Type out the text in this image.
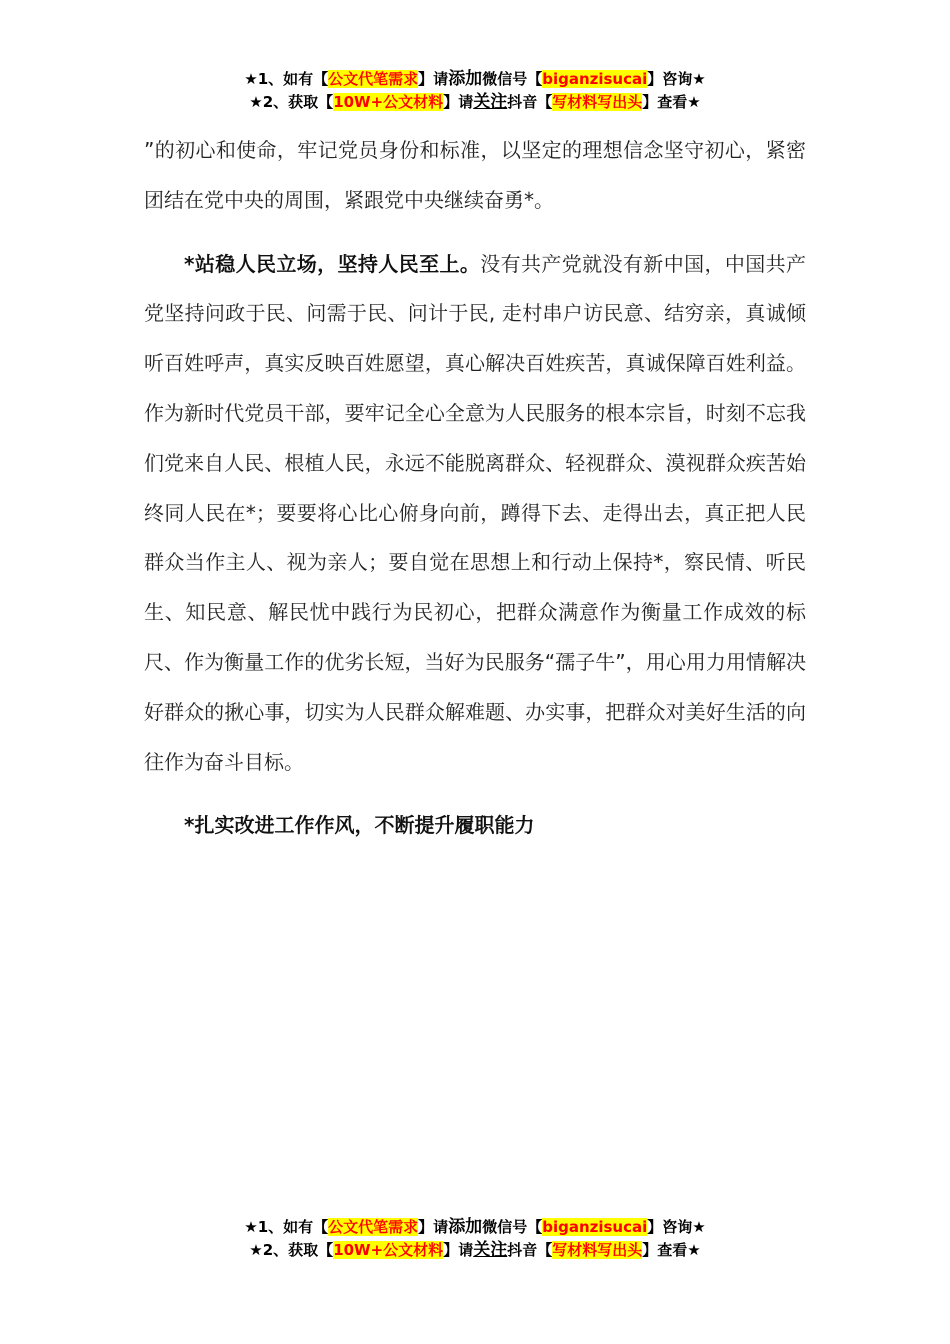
★1、如有【公文代笔需求】请添加微信号【biganzisucai】咨询★
★2、获取【10W+公文材料】请关注抖音【写材料写出头】查看★

”的初心和使命，牢记党员身份和标准，以坚定的理想信念坚守初心，紧密团结在党中央的周围，紧跟党中央继续奋勇*。

*站稳人民立场，坚持人民至上。没有共产党就没有新中国，中国共产党坚持问政于民、问需于民、问计于民, 走村串户访民意、结穷亲，真诚倾听百姓呼声，真实反映百姓愿望，真心解决百姓疾苦，真诚保障百姓利益。作为新时代党员干部，要牢记全心全意为人民服务的根本宗旨，时刻不忘我们党来自人民、根植人民，永远不能脱离群众、轻视群众、漠视群众疾苦始终同人民在*；要要将心比心俯身向前，蹲得下去、走得出去，真正把人民群众当作主人、视为亲人；要自觉在思想上和行动上保持*，察民情、听民生、知民意、解民忧中践行为民初心，把群众满意作为衡量工作成效的标尺、作为衡量工作的优劣长短，当好为民服务“孺子牛”，用心用力用情解决好群众的揪心事，切实为人民群众解难题、办实事，把群众对美好生活的向往作为奋斗目标。

*扎实改进工作作风，不断提升履职能力

★1、如有【公文代笔需求】请添加微信号【biganzisucai】咨询★
★2、获取【10W+公文材料】请关注抖音【写材料写出头】查看★
